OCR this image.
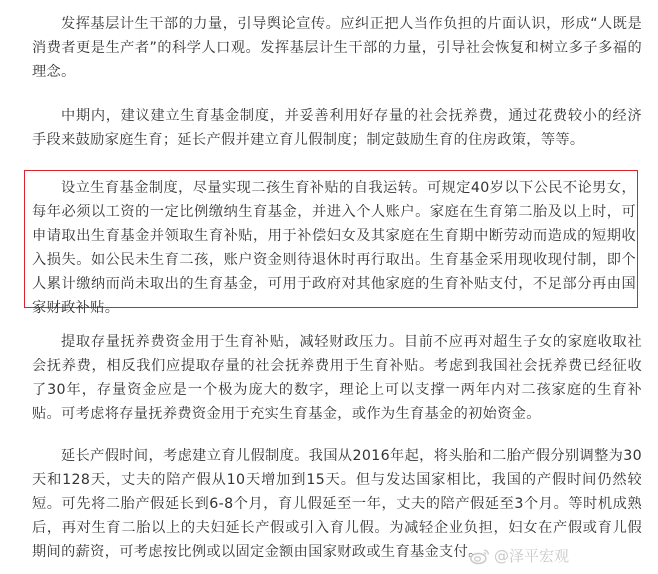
发挥基层计生干部的力量，引导舆论宣传。应纠正把人当作负担的片面认识，形成“人既是消费者更是生产者”的科学人口观。发挥基层计生干部的力量，引导社会恢复和树立多子多福的理念。

中期内，建议建立生育基金制度，并妥善利用好存量的社会抚养费，通过花费较小的经济手段来鼓励家庭生育；延长产假并建立育儿假制度；制定鼓励生育的住房政策，等等。

设立生育基金制度，尽量实现二孩生育补贴的自我运转。可规定40岁以下公民不论男女，每年必须以工资的一定比例缴纳生育基金，并进入个人账户。家庭在生育第二胎及以上时，可申请取出生育基金并领取生育补贴，用于补偿妇女及其家庭在生育期中断劳动而造成的短期收入损失。如公民未生育二孩，账户资金则待退休时再行取出。生育基金采用现收现付制，即个人累计缴纳而尚未取出的生育基金，可用于政府对其他家庭的生育补贴支付，不足部分再由国家财政补贴。

提取存量抚养费资金用于生育补贴，减轻财政压力。目前不应再对超生子女的家庭收取社会抚养费，相反我们应提取存量的社会抚养费用于生育补贴。考虑到我国社会抚养费已经征收了30年，存量资金应是一个极为庞大的数字，理论上可以支撑一两年内对二孩家庭的生育补贴。可考虑将存量抚养费资金用于充实生育基金，或作为生育基金的初始资金。

延长产假时间，考虑建立育儿假制度。我国从2016年起，将头胎和二胎产假分别调整为30天和128天，丈夫的陪产假从10天增加到15天。但与发达国家相比，我国的产假时间仍然较短。可先将二胎产假延长到6-8个月，育儿假延至一年，丈夫的陪产假延至3个月。等时机成熟后，再对生育二胎以上的夫妇延长产假或引入育儿假。为减轻企业负担，妇女在产假或育儿假期间的薪资，可考虑按比例或以固定金额由国家财政或生育基金支付。 @泽平宏观
